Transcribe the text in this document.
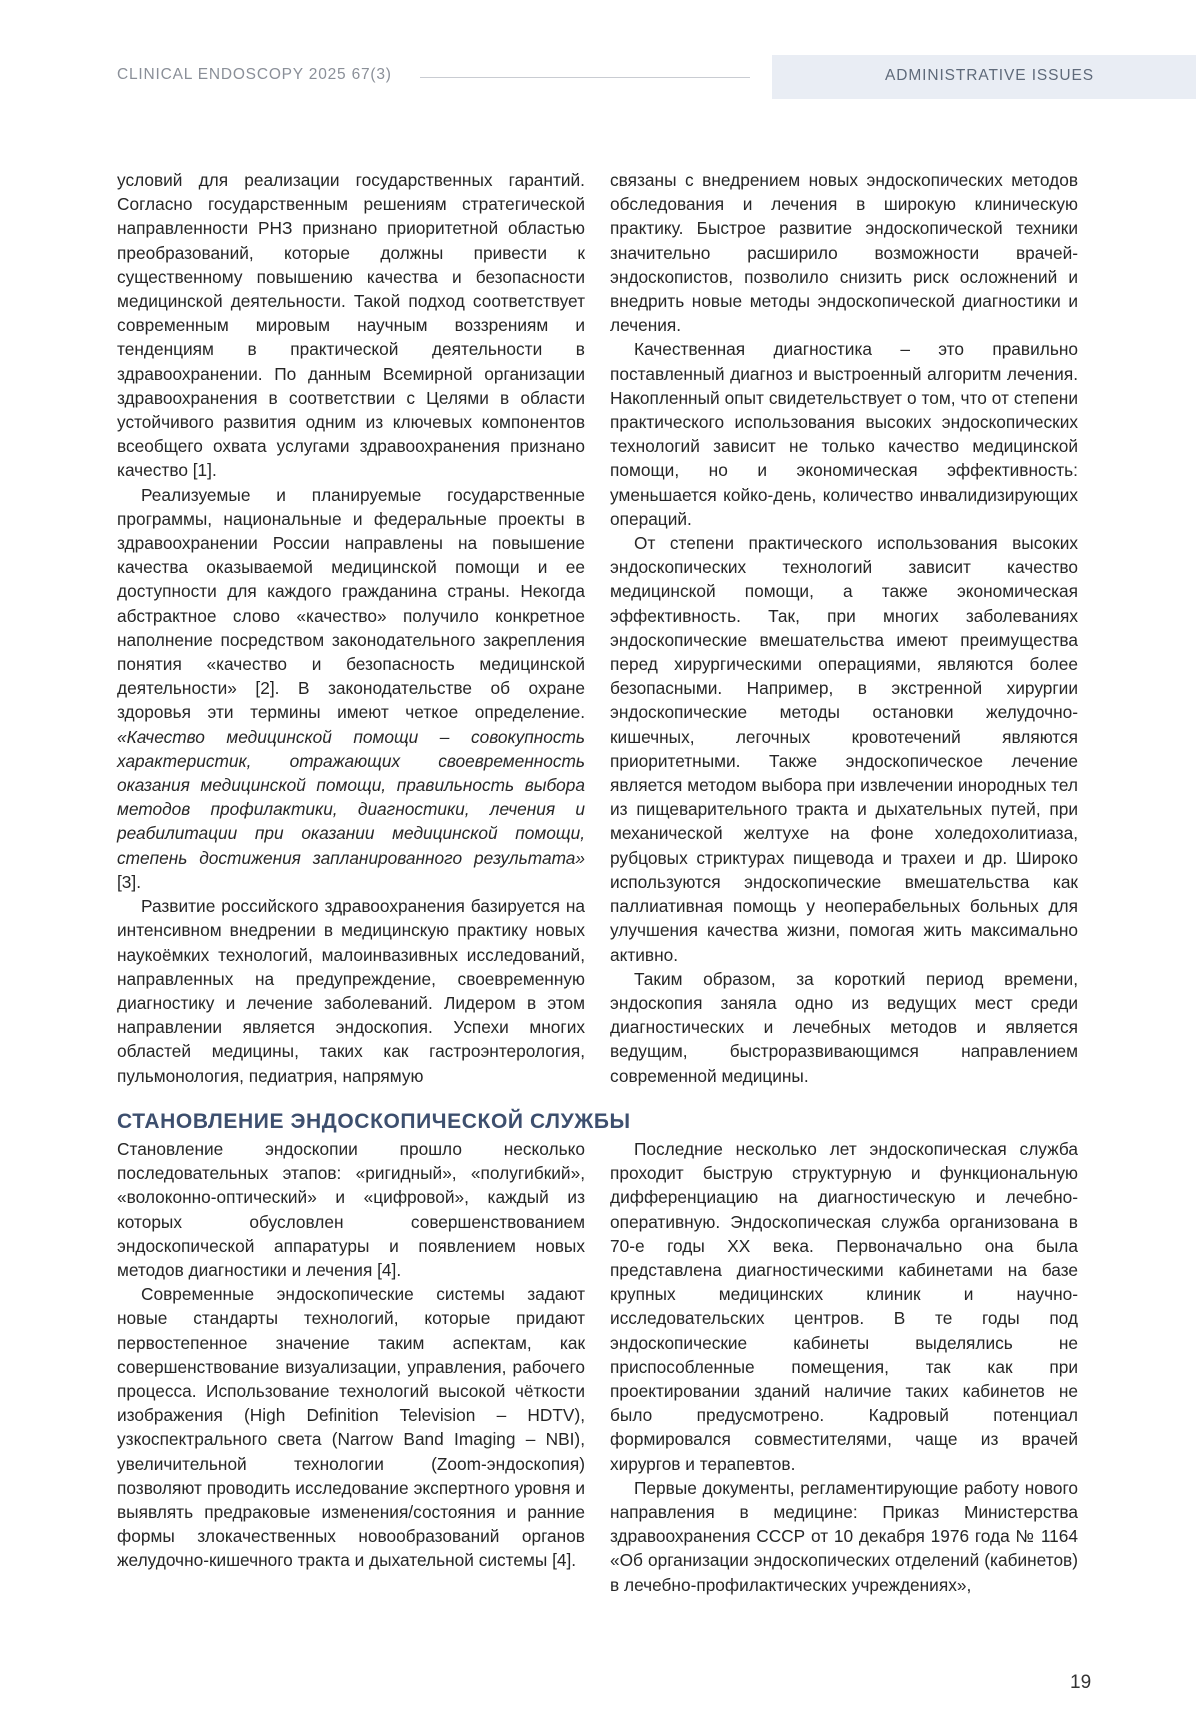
CLINICAL ENDOSCOPY 2025 67(3)	ADMINISTRATIVE ISSUES

условий для реализации государственных гарантий. Согласно государственным решениям стратегической направленности РНЗ признано приоритетной областью преобразований, которые должны привести к существенному повышению качества и безопасности медицинской деятельности. Такой подход соответствует современным мировым научным воззрениям и тенденциям в практической деятельности в здравоохранении. По данным Всемирной организации здравоохранения в соответствии с Целями в области устойчивого развития одним из ключевых компонентов всеобщего охвата услугами здравоохранения признано качество [1].

Реализуемые и планируемые государственные программы, национальные и федеральные проекты в здравоохранении России направлены на повышение качества оказываемой медицинской помощи и ее доступности для каждого гражданина страны. Некогда абстрактное слово «качество» получило конкретное наполнение посредством законодательного закрепления понятия «качество и безопасность медицинской деятельности» [2]. В законодательстве об охране здоровья эти термины имеют четкое определение. «Качество медицинской помощи – совокупность характеристик, отражающих своевременность оказания медицинской помощи, правильность выбора методов профилактики, диагностики, лечения и реабилитации при оказании медицинской помощи, степень достижения запланированного результата» [3].

Развитие российского здравоохранения базируется на интенсивном внедрении в медицинскую практику новых наукоёмких технологий, малоинвазивных исследований, направленных на предупреждение, своевременную диагностику и лечение заболеваний. Лидером в этом направлении является эндоскопия. Успехи многих областей медицины, таких как гастроэнтерология, пульмонология, педиатрия, напрямую

связаны с внедрением новых эндоскопических методов обследования и лечения в широкую клиническую практику. Быстрое развитие эндоскопической техники значительно расширило возможности врачей-эндоскопистов, позволило снизить риск осложнений и внедрить новые методы эндоскопической диагностики и лечения.

Качественная диагностика – это правильно поставленный диагноз и выстроенный алгоритм лечения. Накопленный опыт свидетельствует о том, что от степени практического использования высоких эндоскопических технологий зависит не только качество медицинской помощи, но и экономическая эффективность: уменьшается койко-день, количество инвалидизирующих операций.

От степени практического использования высоких эндоскопических технологий зависит качество медицинской помощи, а также экономическая эффективность. Так, при многих заболеваниях эндоскопические вмешательства имеют преимущества перед хирургическими операциями, являются более безопасными. Например, в экстренной хирургии эндоскопические методы остановки желудочно-кишечных, легочных кровотечений являются приоритетными. Также эндоскопическое лечение является методом выбора при извлечении инородных тел из пищеварительного тракта и дыхательных путей, при механической желтухе на фоне холедохолитиаза, рубцовых стриктурах пищевода и трахеи и др. Широко используются эндоскопические вмешательства как паллиативная помощь у неоперабельных больных для улучшения качества жизни, помогая жить максимально активно.

Таким образом, за короткий период времени, эндоскопия заняла одно из ведущих мест среди диагностических и лечебных методов и является ведущим, быстроразвивающимся направлением современной медицины.

СТАНОВЛЕНИЕ ЭНДОСКОПИЧЕСКОЙ СЛУЖБЫ

Становление эндоскопии прошло несколько последовательных этапов: «ригидный», «полугибкий», «волоконно-оптический» и «цифровой», каждый из которых обусловлен совершенствованием эндоскопической аппаратуры и появлением новых методов диагностики и лечения [4].

Современные эндоскопические системы задают новые стандарты технологий, которые придают первостепенное значение таким аспектам, как совершенствование визуализации, управления, рабочего процесса. Использование технологий высокой чёткости изображения (High Definition Television – HDTV), узкоспектрального света (Narrow Band Imaging – NBI), увеличительной технологии (Zoom-эндоскопия) позволяют проводить исследование экспертного уровня и выявлять предраковые изменения/состояния и ранние формы злокачественных новообразований органов желудочно-кишечного тракта и дыхательной системы [4].

Последние несколько лет эндоскопическая служба проходит быструю структурную и функциональную дифференциацию на диагностическую и лечебно-оперативную. Эндоскопическая служба организована в 70-е годы XX века. Первоначально она была представлена диагностическими кабинетами на базе крупных медицинских клиник и научно-исследовательских центров. В те годы под эндоскопические кабинеты выделялись не приспособленные помещения, так как при проектировании зданий наличие таких кабинетов не было предусмотрено. Кадровый потенциал формировался совместителями, чаще из врачей хирургов и терапевтов.

Первые документы, регламентирующие работу нового направления в медицине: Приказ Министерства здравоохранения СССР от 10 декабря 1976 года № 1164 «Об организации эндоскопических отделений (кабинетов) в лечебно-профилактических учреждениях»,

19
